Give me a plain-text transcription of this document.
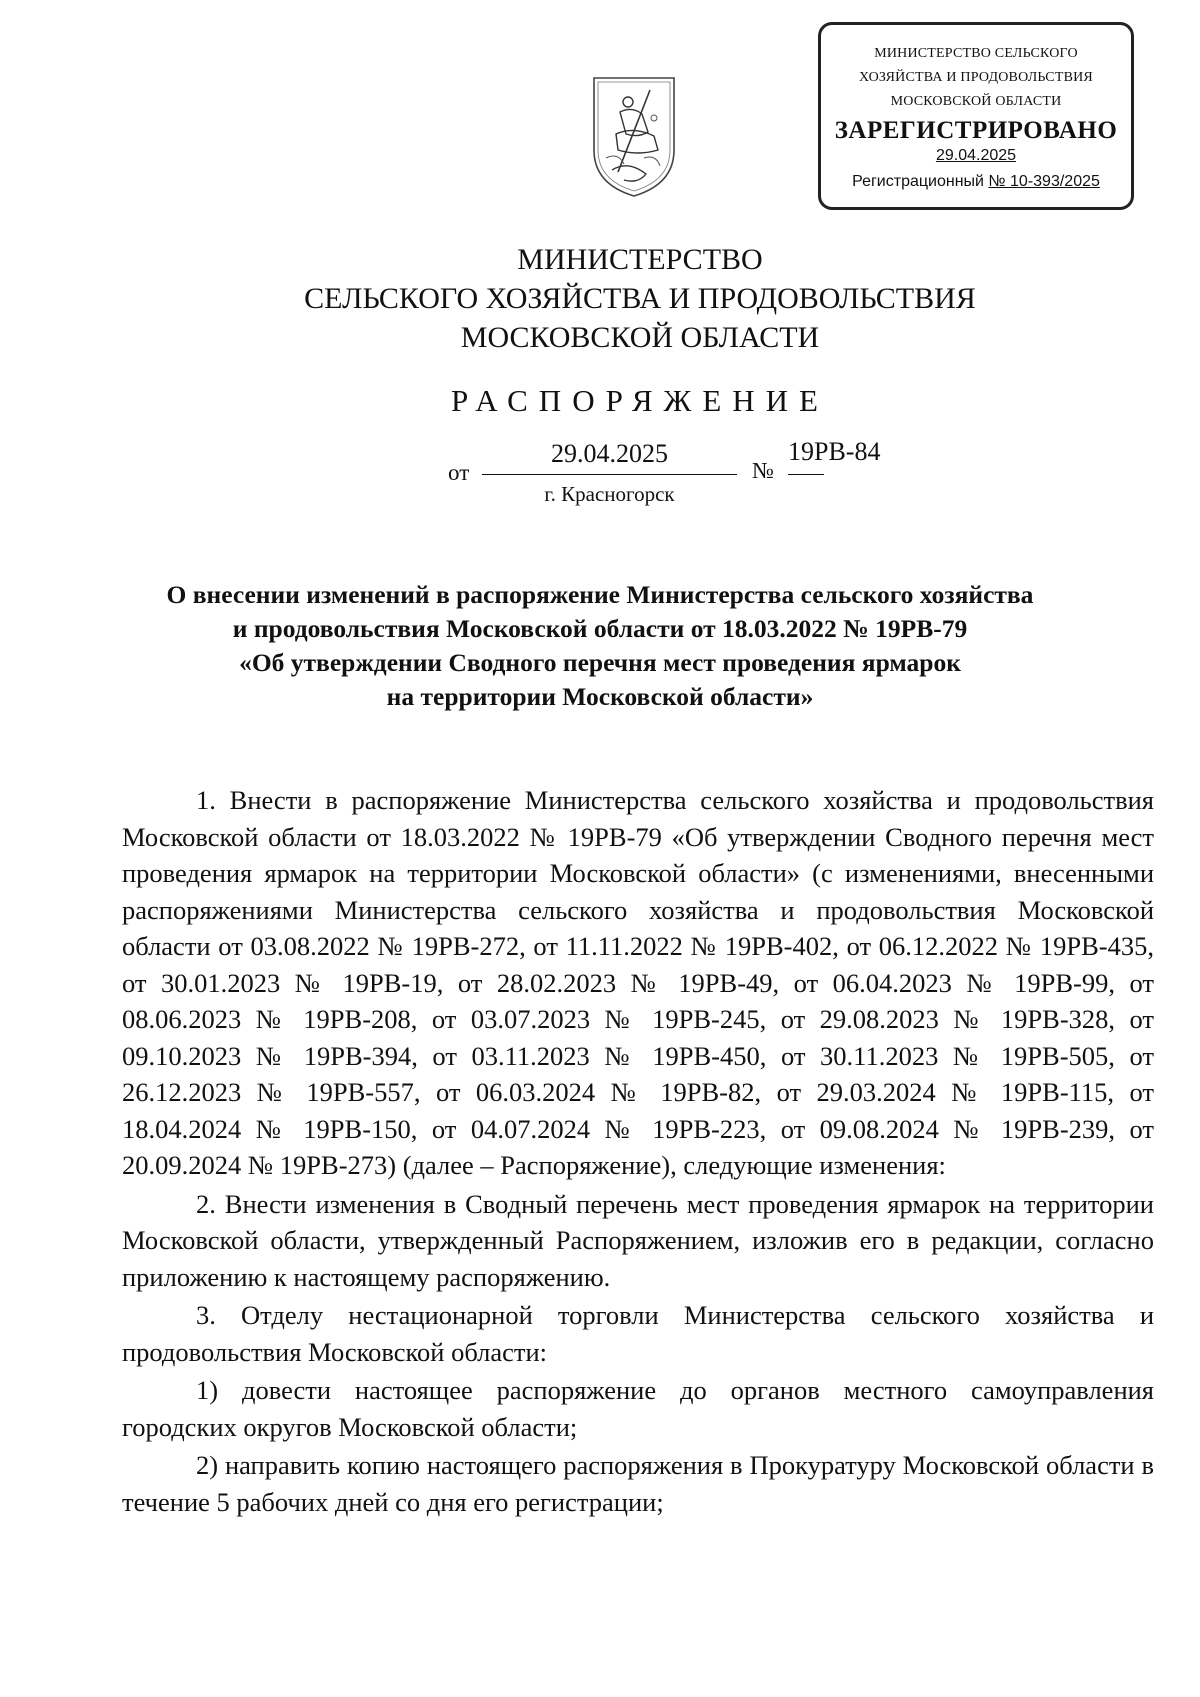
МИНИСТЕРСТВО СЕЛЬСКОГО
ХОЗЯЙСТВА И ПРОДОВОЛЬСТВИЯ
МОСКОВСКОЙ ОБЛАСТИ
ЗАРЕГИСТРИРОВАНО
29.04.2025
Регистрационный № 10-393/2025
МИНИСТЕРСТВО
СЕЛЬСКОГО ХОЗЯЙСТВА И ПРОДОВОЛЬСТВИЯ
МОСКОВСКОЙ ОБЛАСТИ
РАСПОРЯЖЕНИЕ
от
29.04.2025
№
19РВ-84
г. Красногорск
О внесении изменений в распоряжение Министерства сельского хозяйства
и продовольствия Московской области от 18.03.2022 № 19РВ-79
«Об утверждении Сводного перечня мест проведения ярмарок
на территории Московской области»

1. Внести в распоряжение Министерства сельского хозяйства и продовольствия Московской области от 18.03.2022 № 19РВ-79 «Об утверждении Сводного перечня мест проведения ярмарок на территории Московской области» (с изменениями, внесенными распоряжениями Министерства сельского хозяйства и продовольствия Московской области от 03.08.2022 № 19РВ-272, от 11.11.2022 № 19РВ-402, от 06.12.2022 № 19РВ-435, от 30.01.2023 № 19РВ-19, от 28.02.2023 № 19РВ-49, от 06.04.2023 № 19РВ-99, от 08.06.2023 № 19РВ-208, от 03.07.2023 № 19РВ-245, от 29.08.2023 № 19РВ-328, от 09.10.2023 № 19РВ-394, от 03.11.2023 № 19РВ-450, от 30.11.2023 № 19РВ-505, от 26.12.2023 № 19РВ-557, от 06.03.2024 № 19РВ-82, от 29.03.2024 № 19РВ-115, от 18.04.2024 № 19РВ-150, от 04.07.2024 № 19РВ-223, от 09.08.2024 № 19РВ-239, от 20.09.2024 № 19РВ-273) (далее – Распоряжение), следующие изменения:

2. Внести изменения в Сводный перечень мест проведения ярмарок на территории Московской области, утвержденный Распоряжением, изложив его в редакции, согласно приложению к настоящему распоряжению.

3. Отделу нестационарной торговли Министерства сельского хозяйства и продовольствия Московской области:

1) довести настоящее распоряжение до органов местного самоуправления городских округов Московской области;

2) направить копию настоящего распоряжения в Прокуратуру Московской области в течение 5 рабочих дней со дня его регистрации;
